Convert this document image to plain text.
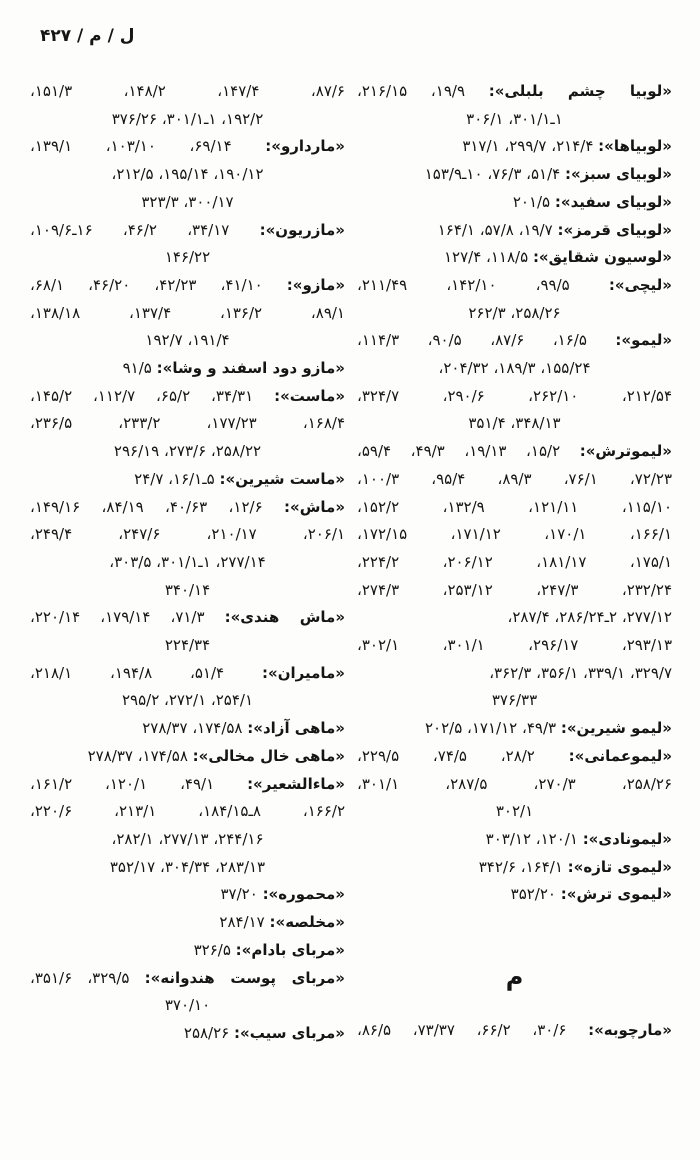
ل / م / ۴۲۷
«لوبیا چشم بلبلی»: ۱۹/۹، ۲۱۶/۱۵،
۱ـ۳۰۱/۱، ۳۰۶/۱
«لوبیاها»: ۲۱۴/۴، ۲۹۹/۷، ۳۱۷/۱
«لوبیای سبز»: ۵۱/۴، ۷۶/۳، ۱۰ـ۱۵۳/۹
«لوبیای سفید»: ۲۰۱/۵
«لوبیای قرمز»: ۱۹/۷، ۵۷/۸، ۱۶۴/۱
«لوسیون شقایق»: ۱۱۸/۵، ۱۲۷/۴
«لیچی»: ۹۹/۵، ۱۴۲/۱۰، ۲۱۱/۴۹،
۲۵۸/۲۶، ۲۶۲/۳
«لیمو»: ۱۶/۵، ۸۷/۶، ۹۰/۵، ۱۱۴/۳،
۱۵۵/۲۴، ۱۸۹/۳، ۲۰۴/۳۲،
۲۱۲/۵۴، ۲۶۲/۱۰، ۲۹۰/۶، ۳۲۴/۷،
۳۴۸/۱۳، ۳۵۱/۴
«لیموترش»: ۱۵/۲، ۱۹/۱۳، ۴۹/۳، ۵۹/۴،
۷۲/۲۳، ۷۶/۱، ۸۹/۳، ۹۵/۴، ۱۰۰/۳،
۱۱۵/۱۰، ۱۲۱/۱۱، ۱۳۲/۹، ۱۵۲/۲،
۱۶۶/۱، ۱۷۰/۱، ۱۷۱/۱۲، ۱۷۲/۱۵،
۱۷۵/۱، ۱۸۱/۱۷، ۲۰۶/۱۲، ۲۲۴/۲،
۲۳۲/۲۴، ۲۴۷/۳، ۲۵۳/۱۲، ۲۷۴/۳،
۲۷۷/۱۲، ۲ـ۲۸۶/۲۴، ۲۸۷/۴،
۲۹۳/۱۳، ۲۹۶/۱۷، ۳۰۱/۱، ۳۰۲/۱،
۳۲۹/۷، ۳۳۹/۱، ۳۵۶/۱، ۳۶۲/۳،
۳۷۶/۳۳
«لیمو شیرین»: ۴۹/۳، ۱۷۱/۱۲، ۲۰۲/۵
«لیموعمانی»: ۲۸/۲، ۷۴/۵، ۲۲۹/۵،
۲۵۸/۲۶، ۲۷۰/۳، ۲۸۷/۵، ۳۰۱/۱،
۳۰۲/۱
«لیمونادی»: ۱۲۰/۱، ۳۰۳/۱۲
«لیموی تازه»: ۱۶۴/۱، ۳۴۲/۶
«لیموی ترش»: ۳۵۲/۲۰
م
«مارچوبه»: ۳۰/۶، ۶۶/۲، ۷۳/۳۷، ۸۶/۵،
۸۷/۶، ۱۴۷/۴، ۱۴۸/۲، ۱۵۱/۳،
۱۹۲/۲، ۱ـ۳۰۱/۱، ۳۷۶/۲۶
«ماردارو»: ۶۹/۱۴، ۱۰۳/۱۰، ۱۳۹/۱،
۱۹۰/۱۲، ۱۹۵/۱۴، ۲۱۲/۵،
۳۰۰/۱۷، ۳۲۳/۳
«مازریون»: ۳۴/۱۷، ۴۶/۲، ۱۶ـ۱۰۹/۶،
۱۴۶/۲۲
«مازو»: ۴۱/۱۰، ۴۲/۲۳، ۴۶/۲۰، ۶۸/۱،
۸۹/۱، ۱۳۶/۲، ۱۳۷/۴، ۱۳۸/۱۸،
۱۹۱/۴، ۱۹۲/۷
«مازو دود اسفند و وشا»: ۹۱/۵
«ماست»: ۳۴/۳۱، ۶۵/۲، ۱۱۲/۷، ۱۴۵/۲،
۱۶۸/۴، ۱۷۷/۲۳، ۲۳۳/۲، ۲۳۶/۵،
۲۵۸/۲۲، ۲۷۳/۶، ۲۹۶/۱۹
«ماست شیرین»: ۵ـ۱۶/۱، ۲۴/۷
«ماش»: ۱۲/۶، ۴۰/۶۳، ۸۴/۱۹، ۱۴۹/۱۶،
۲۰۶/۱، ۲۱۰/۱۷، ۲۴۷/۶، ۲۴۹/۴،
۲۷۷/۱۴، ۱ـ۳۰۱/۱، ۳۰۳/۵،
۳۴۰/۱۴
«ماش هندی»: ۷۱/۳، ۱۷۹/۱۴، ۲۲۰/۱۴،
۲۲۴/۳۴
«مامیران»: ۵۱/۴، ۱۹۴/۸، ۲۱۸/۱،
۲۵۴/۱، ۲۷۲/۱، ۲۹۵/۲
«ماهی آزاد»: ۱۷۴/۵۸، ۲۷۸/۳۷
«ماهی خال مخالی»: ۱۷۴/۵۸، ۲۷۸/۳۷
«ماءالشعیر»: ۴۹/۱، ۱۲۰/۱، ۱۶۱/۲،
۱۶۶/۲، ۸ـ۱۸۴/۱۵، ۲۱۳/۱، ۲۲۰/۶،
۲۴۴/۱۶، ۲۷۷/۱۳، ۲۸۲/۱،
۲۸۳/۱۳، ۳۰۴/۳۴، ۳۵۲/۱۷
«محموره»: ۳۷/۲۰
«مخلصه»: ۲۸۴/۱۷
«مربای بادام»: ۳۲۶/۵
«مربای پوست هندوانه»: ۳۲۹/۵، ۳۵۱/۶،
۳۷۰/۱۰
«مربای سیب»: ۲۵۸/۲۶
